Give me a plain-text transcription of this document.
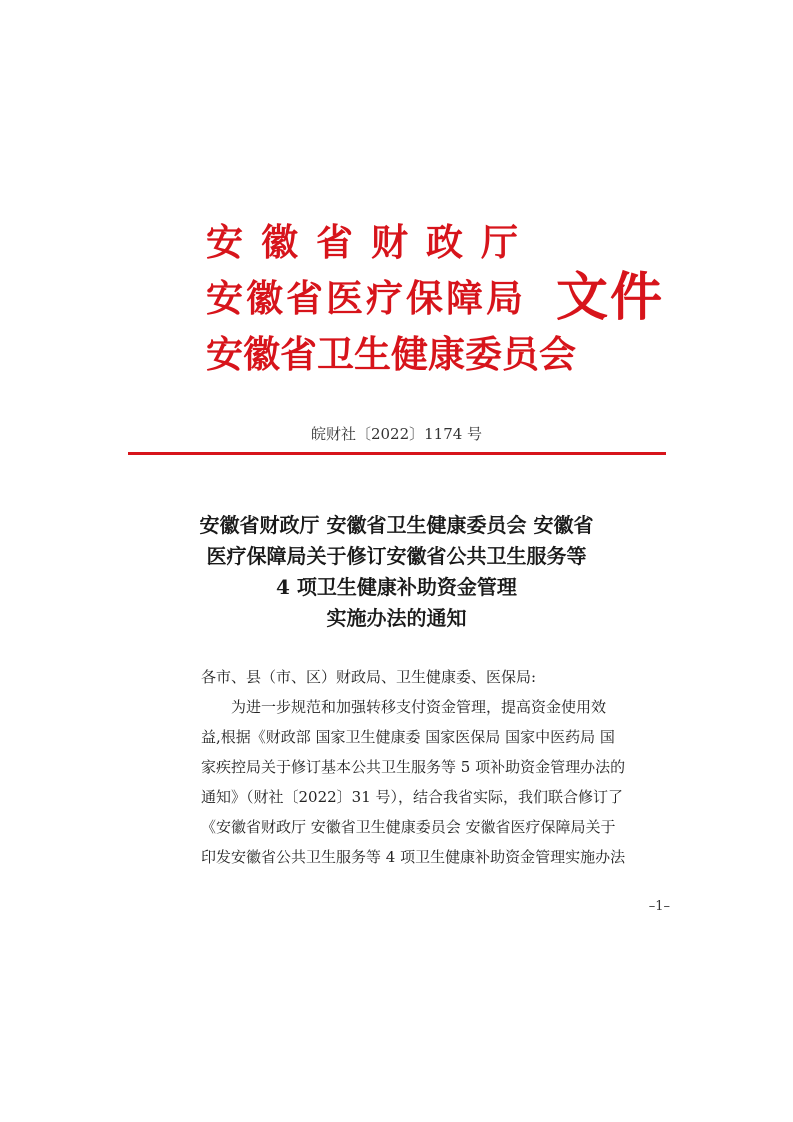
安徽省财政厅
安徽省医疗保障局
安徽省卫生健康委员会
文件
皖财社〔2022〕1174 号
安徽省财政厅 安徽省卫生健康委员会 安徽省
医疗保障局关于修订安徽省公共卫生服务等
4 项卫生健康补助资金管理
实施办法的通知
各市、县（市、区）财政局、卫生健康委、医保局:
为进一步规范和加强转移支付资金管理，提高资金使用效
益,根据《财政部 国家卫生健康委 国家医保局 国家中医药局 国
家疾控局关于修订基本公共卫生服务等 5 项补助资金管理办法的
通知》（财社〔2022〕31 号），结合我省实际，我们联合修订了
《安徽省财政厅 安徽省卫生健康委员会 安徽省医疗保障局关于
印发安徽省公共卫生服务等 4 项卫生健康补助资金管理实施办法
–1–
